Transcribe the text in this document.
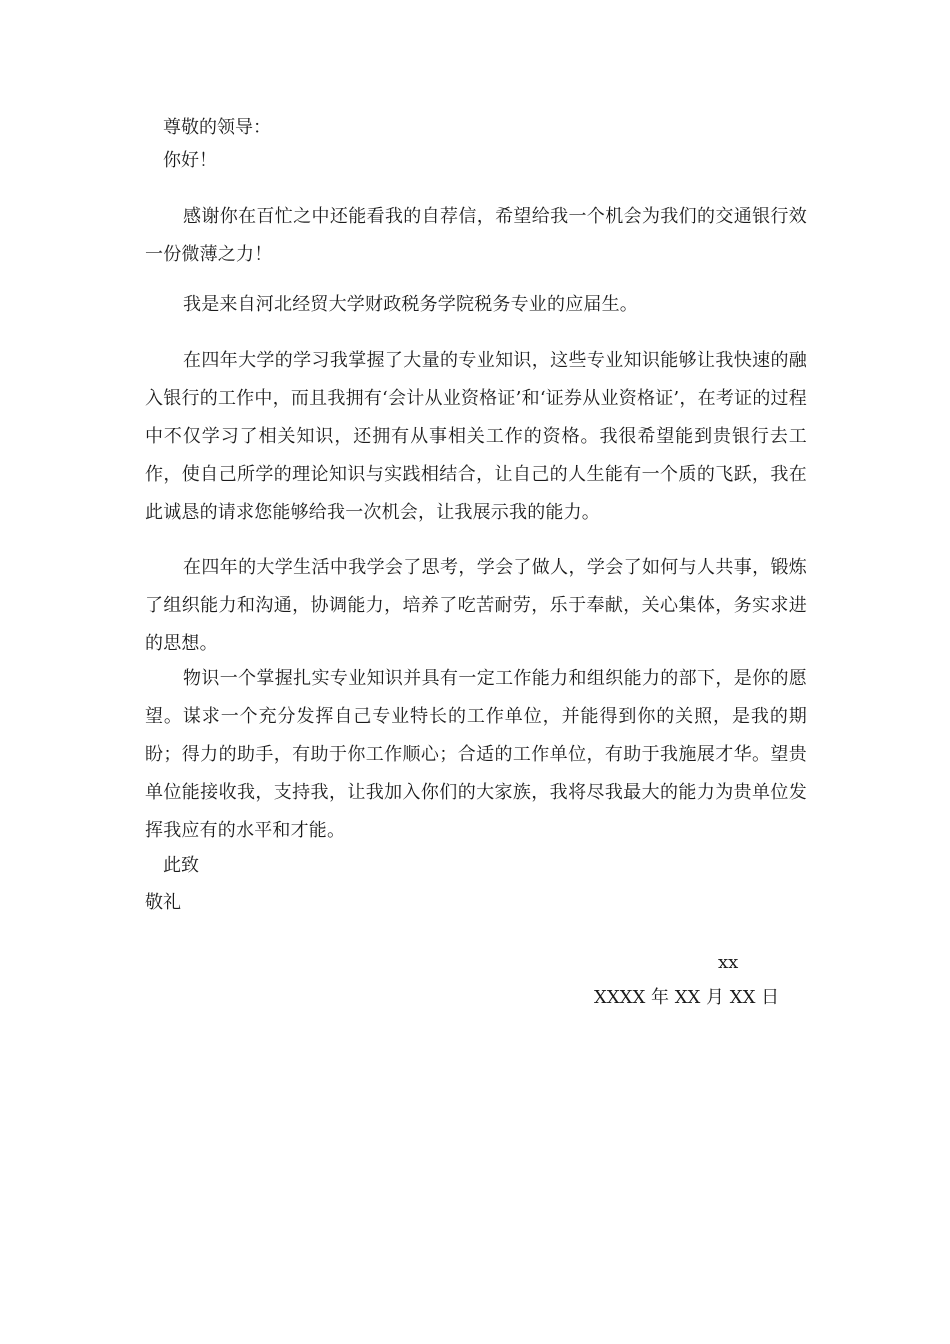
尊敬的领导：
你好！
感谢你在百忙之中还能看我的自荐信，希望给我一个机会为我们的交通银行效一份微薄之力！
我是来自河北经贸大学财政税务学院税务专业的应届生。
在四年大学的学习我掌握了大量的专业知识，这些专业知识能够让我快速的融入银行的工作中，而且我拥有‘会计从业资格证’和‘证券从业资格证’，在考证的过程中不仅学习了相关知识，还拥有从事相关工作的资格。我很希望能到贵银行去工作，使自己所学的理论知识与实践相结合，让自己的人生能有一个质的飞跃，我在此诚恳的请求您能够给我一次机会，让我展示我的能力。
在四年的大学生活中我学会了思考，学会了做人，学会了如何与人共事，锻炼了组织能力和沟通，协调能力，培养了吃苦耐劳，乐于奉献，关心集体，务实求进的思想。
物识一个掌握扎实专业知识并具有一定工作能力和组织能力的部下，是你的愿望。谋求一个充分发挥自己专业特长的工作单位，并能得到你的关照，是我的期盼；得力的助手，有助于你工作顺心；合适的工作单位，有助于我施展才华。望贵单位能接收我，支持我，让我加入你们的大家族，我将尽我最大的能力为贵单位发挥我应有的水平和才能。
此致
敬礼
xx
XXXX 年 XX 月 XX 日
